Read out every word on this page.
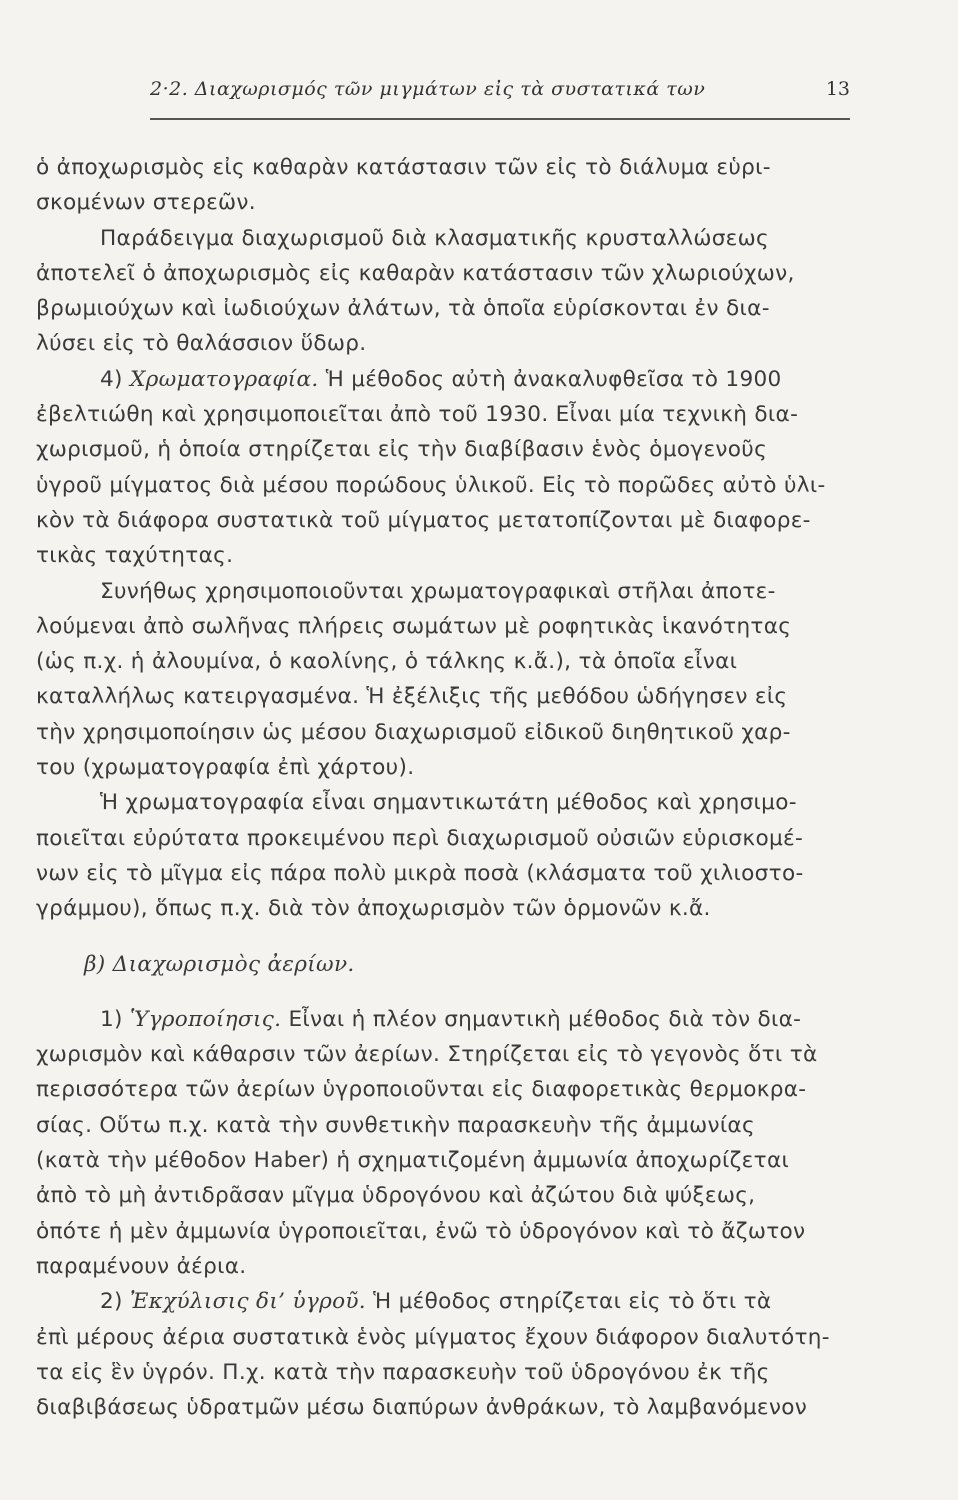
2·2. Διαχωρισμός τῶν μιγμάτων εἰς τὰ συστατικά των	13
ὁ ἀποχωρισμὸς εἰς καθαρὰν κατάστασιν τῶν εἰς τὸ διάλυμα εὑρι-
σκομένων στερεῶν.
Παράδειγμα διαχωρισμοῦ διὰ κλασματικῆς κρυσταλλώσεως
ἀποτελεῖ ὁ ἀποχωρισμὸς εἰς καθαρὰν κατάστασιν τῶν χλωριούχων,
βρωμιούχων καὶ ἰωδιούχων ἀλάτων, τὰ ὁποῖα εὑρίσκονται ἐν δια-
λύσει εἰς τὸ θαλάσσιον ὕδωρ.
4) Χρωματογραφία. Ἡ μέθοδος αὐτὴ ἀνακαλυφθεῖσα τὸ 1900
ἐβελτιώθη καὶ χρησιμοποιεῖται ἀπὸ τοῦ 1930. Εἶναι μία τεχνικὴ δια-
χωρισμοῦ, ἡ ὁποία στηρίζεται εἰς τὴν διαβίβασιν ἑνὸς ὁμογενοῦς
ὑγροῦ μίγματος διὰ μέσου πορώδους ὑλικοῦ. Εἰς τὸ πορῶδες αὐτὸ ὑλι-
κὸν τὰ διάφορα συστατικὰ τοῦ μίγματος μετατοπίζονται μὲ διαφορε-
τικὰς ταχύτητας.
Συνήθως χρησιμοποιοῦνται χρωματογραφικαὶ στῆλαι ἀποτε-
λούμεναι ἀπὸ σωλῆνας πλήρεις σωμάτων μὲ ροφητικὰς ἱκανότητας
(ὡς π.χ. ἡ ἀλουμίνα, ὁ καολίνης, ὁ τάλκης κ.ἄ.), τὰ ὁποῖα εἶναι
καταλλήλως κατειργασμένα. Ἡ ἐξέλιξις τῆς μεθόδου ὡδήγησεν εἰς
τὴν χρησιμοποίησιν ὡς μέσου διαχωρισμοῦ εἰδικοῦ διηθητικοῦ χαρ-
του (χρωματογραφία ἐπὶ χάρτου).
Ἡ χρωματογραφία εἶναι σημαντικωτάτη μέθοδος καὶ χρησιμο-
ποιεῖται εὐρύτατα προκειμένου περὶ διαχωρισμοῦ οὐσιῶν εὑρισκομέ-
νων εἰς τὸ μῖγμα εἰς πάρα πολὺ μικρὰ ποσὰ (κλάσματα τοῦ χιλιοστο-
γράμμου), ὅπως π.χ. διὰ τὸν ἀποχωρισμὸν τῶν ὁρμονῶν κ.ἄ.
β) Διαχωρισμὸς ἀερίων.
1) Ὑγροποίησις. Εἶναι ἡ πλέον σημαντικὴ μέθοδος διὰ τὸν δια-
χωρισμὸν καὶ κάθαρσιν τῶν ἀερίων. Στηρίζεται εἰς τὸ γεγονὸς ὅτι τὰ
περισσότερα τῶν ἀερίων ὑγροποιοῦνται εἰς διαφορετικὰς θερμοκρα-
σίας. Οὕτω π.χ. κατὰ τὴν συνθετικὴν παρασκευὴν τῆς ἀμμωνίας
(κατὰ τὴν μέθοδον Haber) ἡ σχηματιζομένη ἀμμωνία ἀποχωρίζεται
ἀπὸ τὸ μὴ ἀντιδρᾶσαν μῖγμα ὑδρογόνου καὶ ἀζώτου διὰ ψύξεως,
ὁπότε ἡ μὲν ἀμμωνία ὑγροποιεῖται, ἐνῶ τὸ ὑδρογόνον καὶ τὸ ἄζωτον
παραμένουν ἀέρια.
2) Ἐκχύλισις δι’ ὑγροῦ. Ἡ μέθοδος στηρίζεται εἰς τὸ ὅτι τὰ
ἐπὶ μέρους ἀέρια συστατικὰ ἑνὸς μίγματος ἔχουν διάφορον διαλυτότη-
τα εἰς ἓν ὑγρόν. Π.χ. κατὰ τὴν παρασκευὴν τοῦ ὑδρογόνου ἐκ τῆς
διαβιβάσεως ὑδρατμῶν μέσω διαπύρων ἀνθράκων, τὸ λαμβανόμενον
